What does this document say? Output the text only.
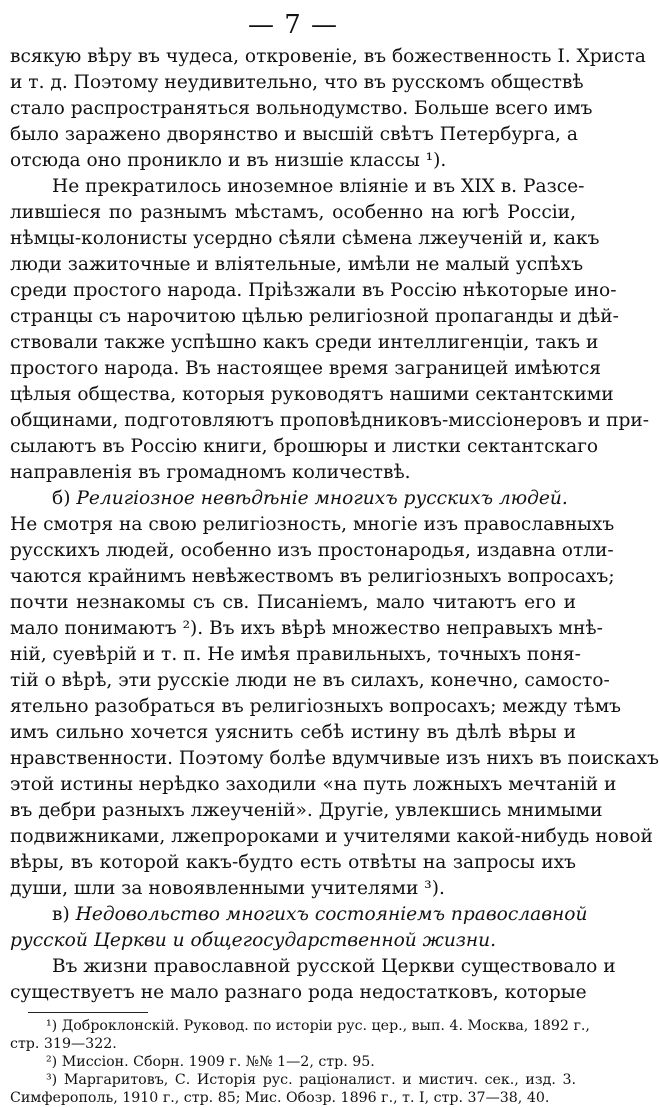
— 7 —

всякую вѣру въ чудеса, откровеніе, въ божественность I. Христа
и т. д. Поэтому неудивительно, что въ русскомъ обществѣ
стало распространяться вольнодумство. Больше всего имъ
было заражено дворянство и высшій свѣтъ Петербурга, а
отсюда оно проникло и въ низшіе классы ¹).

Не прекратилось иноземное вліяніе и въ XIX в. Разсе-
лившіеся по разнымъ мѣстамъ, особенно на югѣ Россіи,
нѣмцы-колонисты усердно сѣяли сѣмена лжеученій и, какъ
люди зажиточные и вліятельные, имѣли не малый успѣхъ
среди простого народа. Пріѣзжали въ Россію нѣкоторые ино-
странцы съ нарочитою цѣлью религіозной пропаганды и дѣй-
ствовали также успѣшно какъ среди интеллигенціи, такъ и
простого народа. Въ настоящее время заграницей имѣются
цѣлыя общества, которыя руководятъ нашими сектантскими
общинами, подготовляютъ проповѣдниковъ-миссіонеровъ и при-
сылаютъ въ Россію книги, брошюры и листки сектантскаго
направленія въ громадномъ количествѣ.

б) Религіозное невѣдѣніе многихъ русскихъ людей.
Не смотря на свою религіозность, многіе изъ православныхъ
русскихъ людей, особенно изъ простонародья, издавна отли-
чаются крайнимъ невѣжествомъ въ религіозныхъ вопросахъ;
почти незнакомы съ св. Писаніемъ, мало читаютъ его и
мало понимаютъ ²). Въ ихъ вѣрѣ множество неправыхъ мнѣ-
ній, суевѣрій и т. п. Не имѣя правильныхъ, точныхъ поня-
тій о вѣрѣ, эти русскіе люди не въ силахъ, конечно, самосто-
ятельно разобраться въ религіозныхъ вопросахъ; между тѣмъ
имъ сильно хочется уяснить себѣ истину въ дѣлѣ вѣры и
нравственности. Поэтому болѣе вдумчивые изъ нихъ въ поискахъ
этой истины нерѣдко заходили «на путь ложныхъ мечтаній и
въ дебри разныхъ лжеученій». Другіе, увлекшись мнимыми
подвижниками, лжепророками и учителями какой-нибудь новой
вѣры, въ которой какъ-будто есть отвѣты на запросы ихъ
души, шли за новоявленными учителями ³).

в) Недовольство многихъ состояніемъ православной
русской Церкви и общегосударственной жизни.
Въ жизни православной русской Церкви существовало и
существуетъ не мало разнаго рода недостатковъ, которые

¹) Доброклонскій. Руковод. по исторіи рус. цер., вып. 4. Москва, 1892 г.,
стр. 319—322.
²) Миссіон. Сборн. 1909 г. №№ 1—2, стр. 95.
³) Маргаритовъ, С. Исторія рус. раціоналист. и мистич. сек., изд. 3.
Симферополь, 1910 г., стр. 85; Мис. Обозр. 1896 г., т. I, стр. 37—38, 40.
